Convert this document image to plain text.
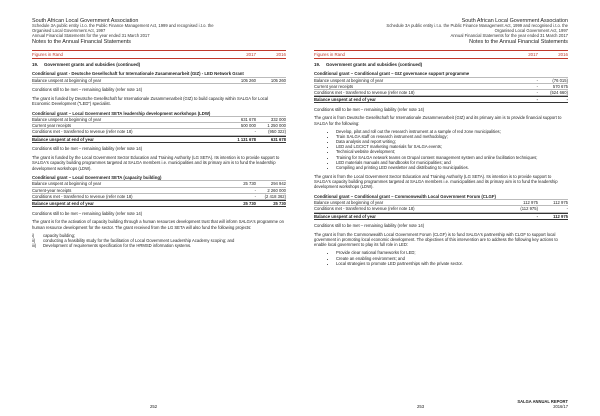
South African Local Government Association
Schedule 3A public entity i.t.o. the Public Finance Management Act, 1999 and recognised i.t.o. the
Organised Local Government Act, 1997
Annual Financial Statements for the year ended 31 March 2017
Notes to the Annual Financial Statements
Figures in Rand	2017	2016
19.	Government grants and subsidies (continued)
Conditional grant - Deutsche Gesellschaft fur Internationale Zusammenarbeit (GIZ) - LED Network Grant
Balance unspent at beginning of year	105 260	105 260
Conditions still to be met – remaining liability (refer note 14)
The grant is funded by Deutsche Gesellschaft fur Internationale Zusammenarbeit (GIZ) to build capacity within SALGA for Local Economic Development ("LED") specialist.
Conditional grant – Local Government SETA leadership development workshops (LDW)
Balance unspent at beginning of year	631 678	332 000
Current year receipts	500 000	1 250 000
Conditions met - transferred to revenue (refer note 18)	-	(950 322)
Balance unspent at end of year	1 131 678	631 678
Conditions still to be met – remaining liability (refer note 14)
The grant is funded by the Local Government Sector Education and Training Authority (LG SETA). Its intention is to provide support to SALGA's capacity building programmes targeted at SALGA members i.e. municipalities and its primary aim is to fund the leadership development workshops (LDW).
Conditional grant – Local Government SETA (capacity building)
Balance unspent at beginning of year	25 730	294 942
Current-year receipts	-	2 260 000
Conditions met - transferred to revenue (refer note 18)	-	(2 418 362)
Balance unspent at end of year	25 730	25 730
Conditions still to be met – remaining liability (refer note 14)
The grant is for the activation of capacity building through a human resources development trust that will inform SALGA's programme on human resource development for the sector. The grant received from the LG SETA will also fund the following projects:
i)	capacity building;
ii)	conducting a feasibility study for the facilitation of Local Government Leadership Academy scoping; and
iii)	Development of requirements specification for the HRMSD information systems.
252
South African Local Government Association
Schedule 3A public entity i.t.o. the Public Finance Management Act, 1999 and recognised i.t.o. the
Organised Local Government Act, 1997
Annual Financial Statements for the year ended 31 March 2017
Notes to the Annual Financial Statements
Figures in Rand	2017	2016
19.	Government grants and subsidies (continued)
Conditional grant – Conditional grant – GIZ governance support programme
Balance unspent at beginning of year	-	(76 015)
Current year receipts	-	570 675
Conditions met - transferred to revenue (refer note 18)	-	(524 660)
Balance unspent at end of year	-	-
Conditions still to be met – remaining liability (refer note 14)
The grant is from Deutsche Gesellschaft fur Internationale Zusammenarbeit (GIZ) and its primary aim is to provide financial support to SALGA for the following:
• Develop, pilot and roll out the research instrument at a sample of red zone municipalities;
• Train SALGA staff on research instrument and methodology;
• Data analysis and report writing;
• LED and LGCICT marketing materials for SALGA events;
• Technical website development;
• Training for SALGA network teams on Drupal content management system and online facilitation techniques;
• LED materials manuals and handbooks for municipalities; and
• Compiling and printing LED newsletter and distributing to municipalities.
The grant is from the Local Government Sector Education and Training Authority (LG SETA). Its intention is to provide support to SALGA's capacity building programmes targeted at SALGA members i.e. municipalities and its primary aim is to fund the leadership development workshops (LDW).
Conditional grant – Conditional grant – Commonwealth Local Government Forum (CLGF)
Balance unspent at beginning of year	112 975	112 975
Conditions met - transferred to revenue (refer note 18)	(112 975)	-
Balance unspent at end of year	-	112 975
Conditions still to be met – remaining liability (refer note 14)
The grant is from the Commonwealth Local Government Forum (CLGF) is to fund SALGA's partnership with CLGF to support local government in promoting local economic development. The objectives of this intervention are to address the following key actions to enable local government to play its full role in LED:
• Provide clear national frameworks for LED;
• Create an enabling environment; and
• Local strategies to promote LED partnerships with the private sector.
253
SALGA ANNUAL REPORT
2016/17
